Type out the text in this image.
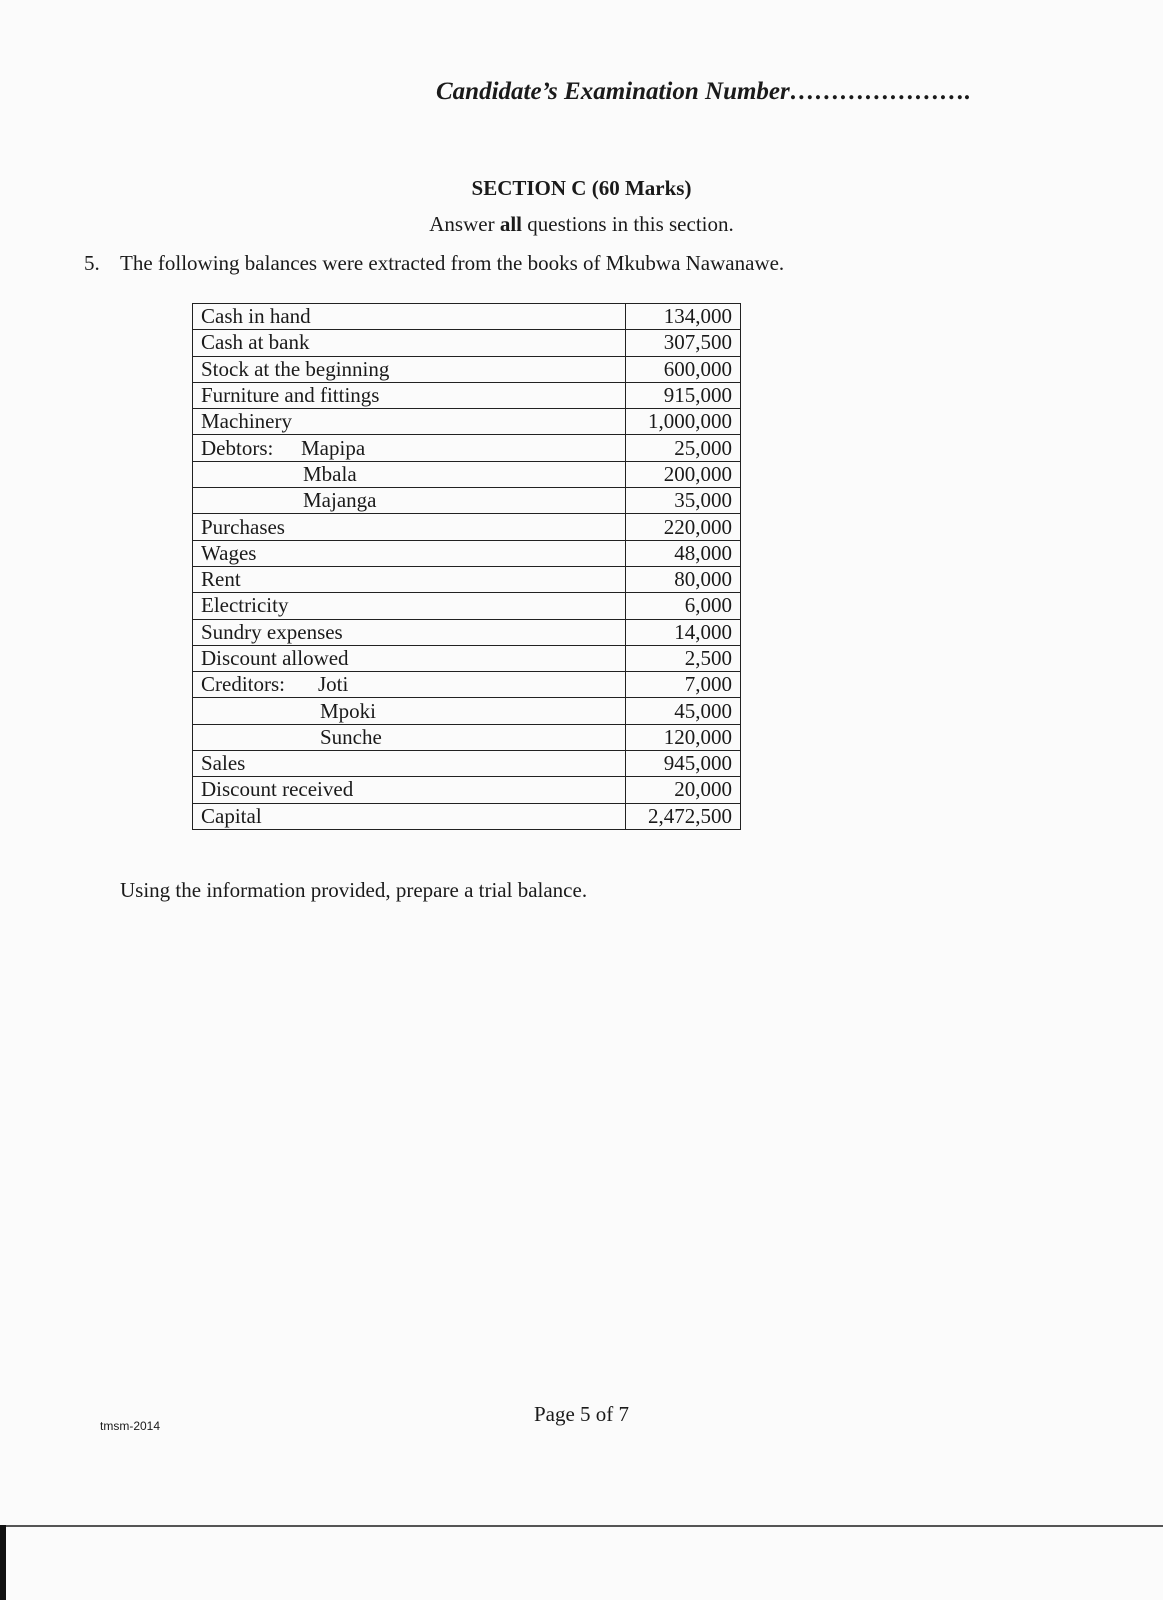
Candidate’s Examination Number………………….
SECTION C (60 Marks)
Answer all questions in this section.
5. The following balances were extracted from the books of Mkubwa Nawanawe.
Cash in hand	134,000
Cash at bank	307,500
Stock at the beginning	600,000
Furniture and fittings	915,000
Machinery	1,000,000
Debtors: Mapipa	25,000
Mbala	200,000
Majanga	35,000
Purchases	220,000
Wages	48,000
Rent	80,000
Electricity	6,000
Sundry expenses	14,000
Discount allowed	2,500
Creditors: Joti	7,000
Mpoki	45,000
Sunche	120,000
Sales	945,000
Discount received	20,000
Capital	2,472,500
Using the information provided, prepare a trial balance.
tmsm-2014	Page 5 of 7
